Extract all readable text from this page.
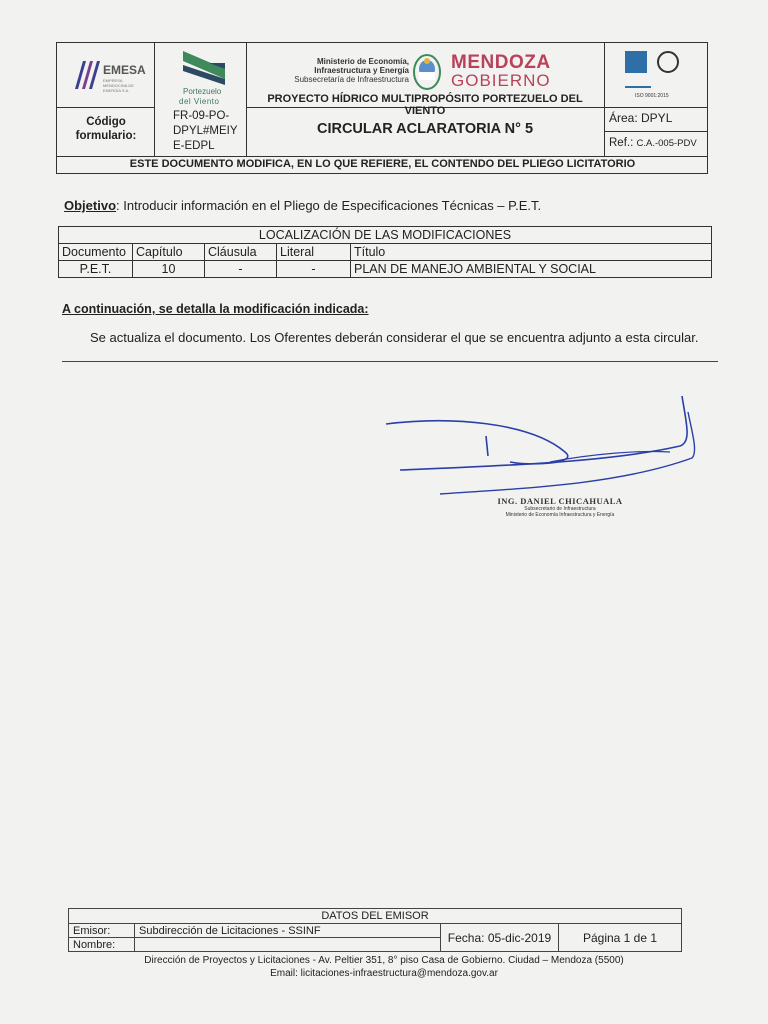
EMESA
EMPRESA MENDOCINA DE ENERGÍA S.A.	Portezuelo
del Viento
Ministerio de Economía,
Infraestructura y Energía
Subsecretaría de Infraestructura
MENDOZA
GOBIERNO
ISO 9001:2015
PROYECTO HÍDRICO MULTIPROPÓSITO PORTEZUELO DEL VIENTO
Código
formulario:
FR-09-PO-
DPYL#MEIY
E-EDPL
CIRCULAR ACLARATORIA N° 5
Área: DPYL
Ref.: C.A.-005-PDV
ESTE DOCUMENTO MODIFICA, EN LO QUE REFIERE, EL CONTENDO DEL PLIEGO LICITATORIO
Objetivo: Introducir información en el Pliego de Especificaciones Técnicas – P.E.T.
LOCALIZACIÓN DE LAS MODIFICACIONES				
Documento	Capítulo	Cláusula	Literal	Título
P.E.T.	10	-	-	PLAN DE MANEJO AMBIENTAL Y SOCIAL
A continuación, se detalla la modificación indicada:
Se actualiza el documento. Los Oferentes deberán considerar el que se encuentra adjunto a esta circular.
ING. DANIEL CHICAHUALA
Subsecretario de Infraestructura
Ministerio de Economía Infraestructura y Energía
DATOS DEL EMISOR			
Emisor:	Subdirección de Licitaciones - SSINF	Fecha: 05-dic-2019	Página 1 de 1
Nombre:			
Dirección de Proyectos y Licitaciones - Av. Peltier 351, 8° piso Casa de Gobierno. Ciudad – Mendoza (5500)
Email: licitaciones-infraestructura@mendoza.gov.ar
